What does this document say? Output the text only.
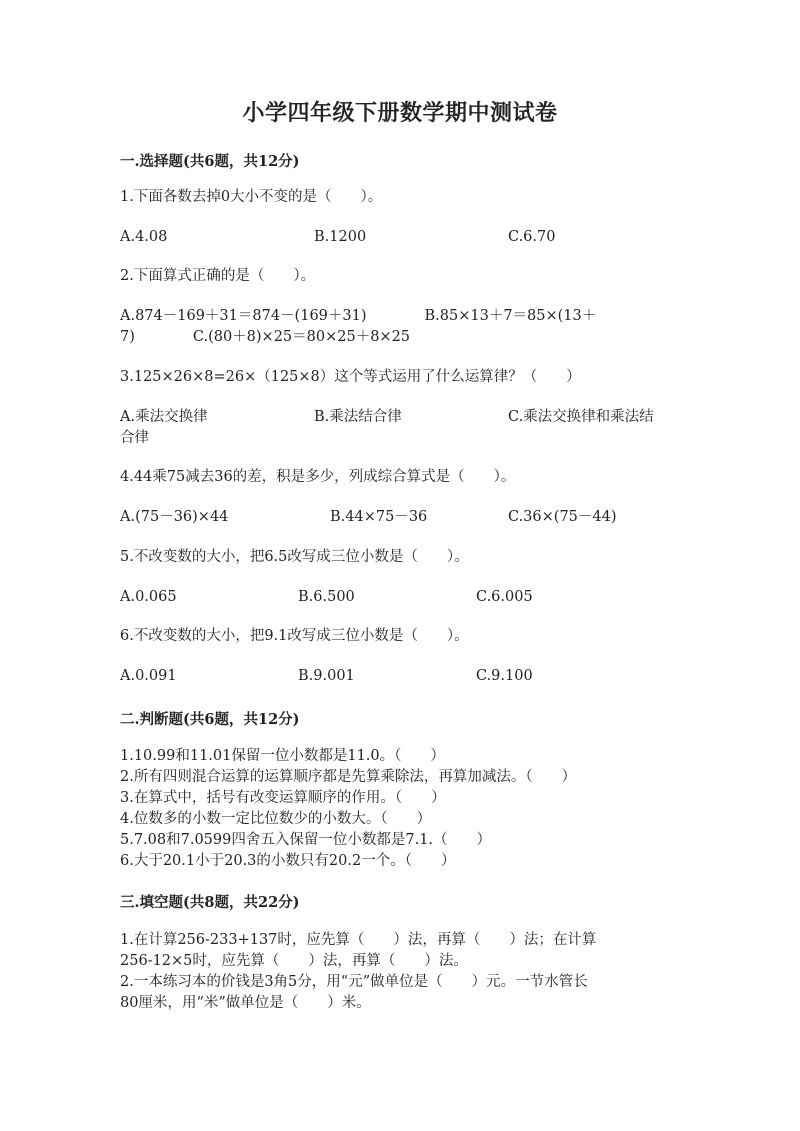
小学四年级下册数学期中测试卷
一.选择题(共6题，共12分)
1.下面各数去掉0大小不变的是（　　）。
A.4.08	B.1200	C.6.70
2.下面算式正确的是（　　）。
A.874－169＋31＝874－(169＋31)　　　　B.85×13＋7＝85×(13＋
7)　　　　C.(80＋8)×25＝80×25＋8×25
3.125×26×8=26×（125×8）这个等式运用了什么运算律？（　　）
A.乘法交换律	B.乘法结合律	C.乘法交换律和乘法结
合律
4.44乘75减去36的差，积是多少，列成综合算式是（　　）。
A.(75－36)×44	B.44×75－36	C.36×(75－44)
5.不改变数的大小，把6.5改写成三位小数是（　　）。
A.0.065	B.6.500	C.6.005
6.不改变数的大小，把9.1改写成三位小数是（　　）。
A.0.091	B.9.001	C.9.100
二.判断题(共6题，共12分)
1.10.99和11.01保留一位小数都是11.0。（　　）
2.所有四则混合运算的运算顺序都是先算乘除法，再算加减法。（　　）
3.在算式中，括号有改变运算顺序的作用。（　　）
4.位数多的小数一定比位数少的小数大。（　　）
5.7.08和7.0599四舍五入保留一位小数都是7.1.（　　）
6.大于20.1小于20.3的小数只有20.2一个。（　　）
三.填空题(共8题，共22分)
1.在计算256-233+137时，应先算（　　）法，再算（　　）法；在计算
256-12×5时，应先算（　　）法，再算（　　）法。
2.一本练习本的价钱是3角5分，用“元”做单位是（　　）元。一节水管长
80厘米，用“米”做单位是（　　）米。
